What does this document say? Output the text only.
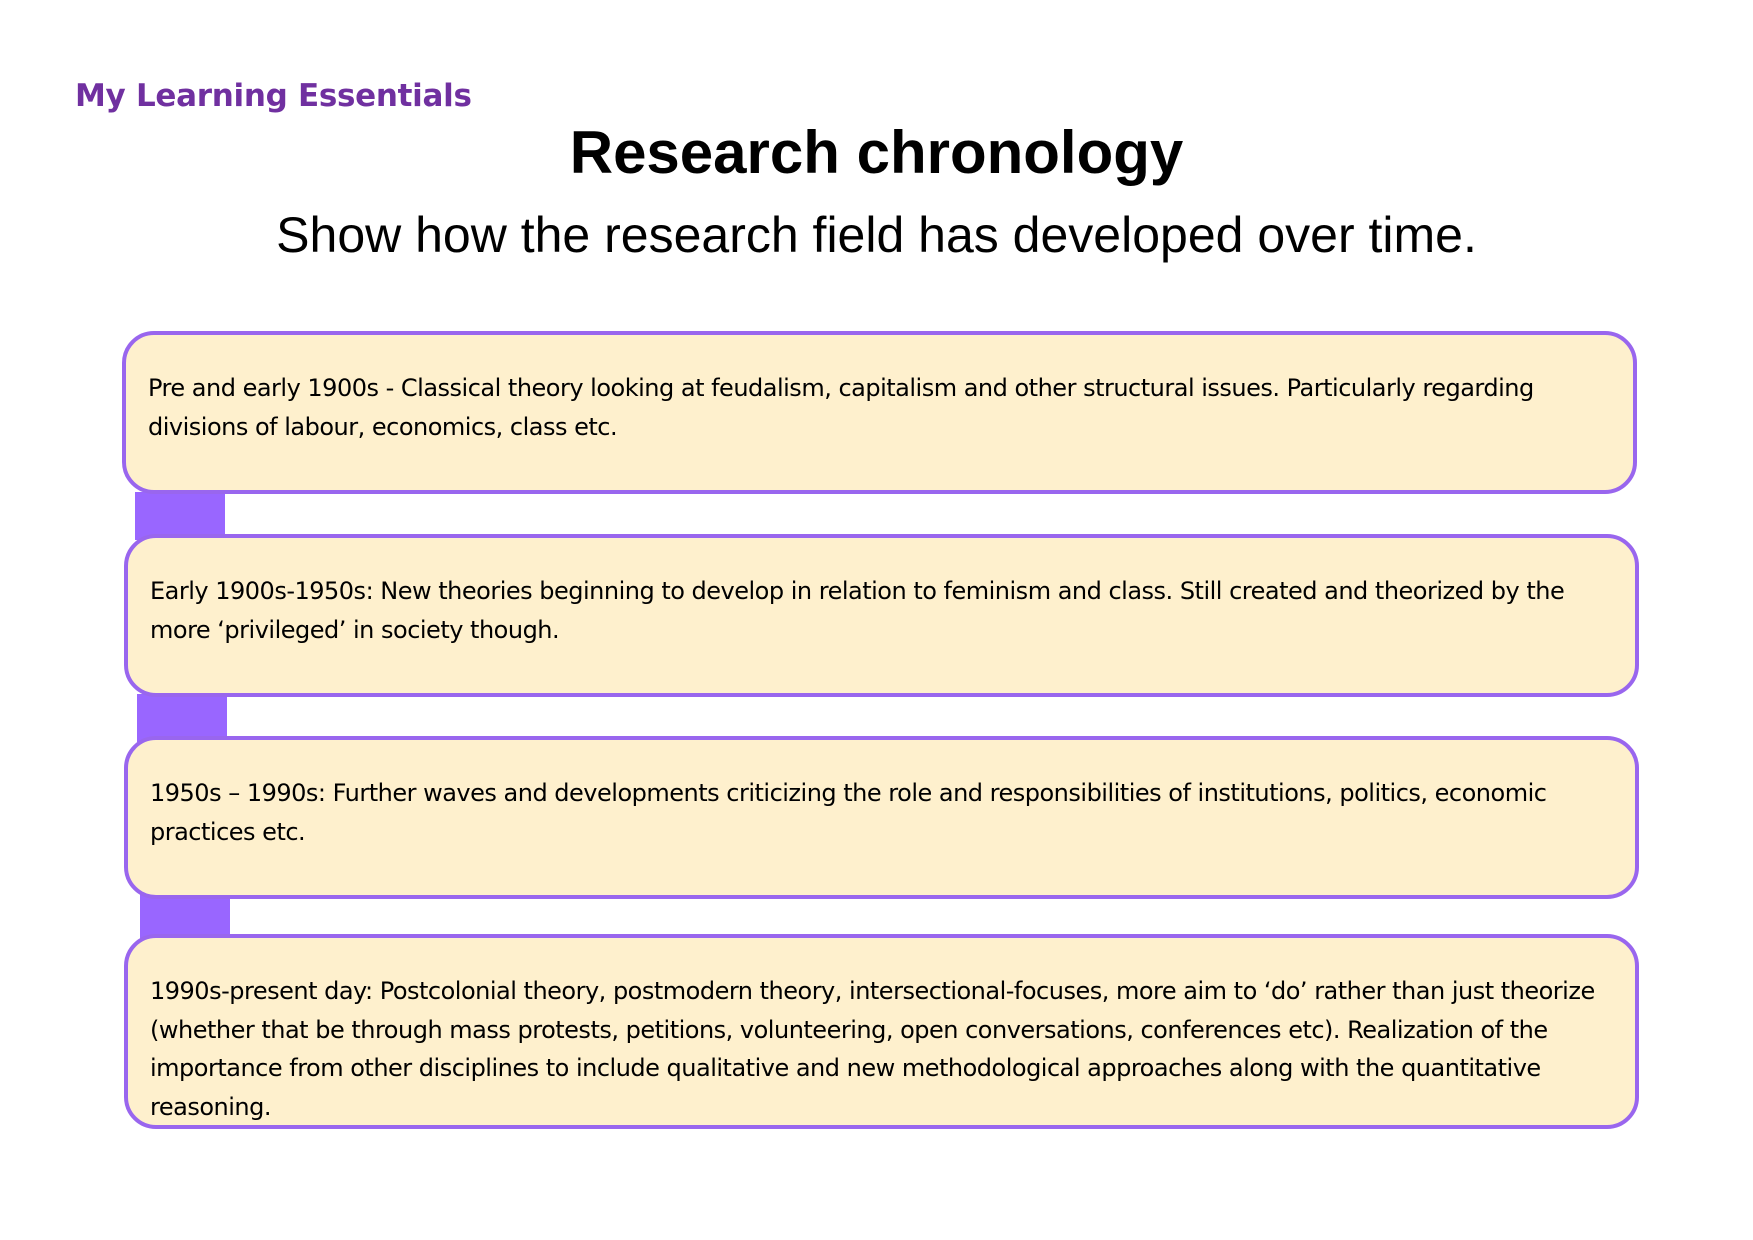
My Learning Essentials
Research chronology
Show how the research field has developed over time.
Pre and early 1900s - Classical theory looking at feudalism, capitalism and other structural issues. Particularly regarding divisions of labour, economics, class etc.
Early 1900s-1950s: New theories beginning to develop in relation to feminism and class. Still created and theorized by the more ‘privileged’ in society though.
1950s – 1990s: Further waves and developments criticizing the role and responsibilities of institutions, politics, economic practices etc.
1990s-present day: Postcolonial theory, postmodern theory, intersectional-focuses, more aim to ‘do’ rather than just theorize (whether that be through mass protests, petitions, volunteering, open conversations, conferences etc). Realization of the importance from other disciplines to include qualitative and new methodological approaches along with the quantitative reasoning.
